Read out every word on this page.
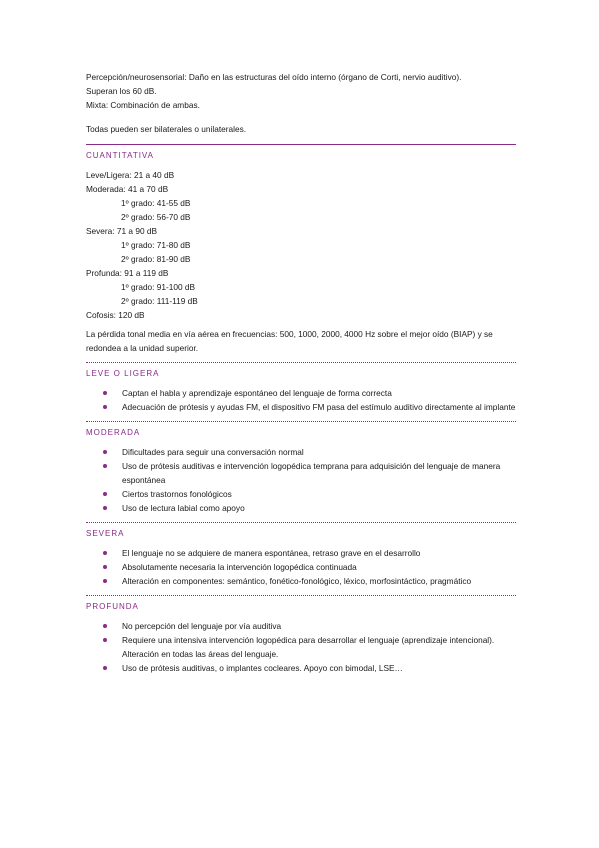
Percepción/neurosensorial: Daño en las estructuras del oído interno (órgano de Corti, nervio auditivo).

Superan los 60 dB.

Mixta: Combinación de ambas.

Todas pueden ser bilaterales o unilaterales.

CUANTITATIVA

Leve/Ligera: 21 a 40 dB

Moderada: 41 a 70 dB

1º grado: 41-55 dB

2º grado: 56-70 dB

Severa: 71 a 90 dB

1º grado: 71-80 dB

2º grado: 81-90 dB

Profunda: 91 a 119 dB

1º grado: 91-100 dB

2º grado: 111-119 dB

Cofosis: 120 dB

La pérdida tonal media en vía aérea en frecuencias: 500, 1000, 2000, 4000 Hz sobre el mejor oído (BIAP) y se redondea a la unidad superior.

LEVE O LIGERA
Captan el habla y aprendizaje espontáneo del lenguaje de forma correcta
Adecuación de prótesis y ayudas FM, el dispositivo FM pasa del estímulo auditivo directamente al implante
MODERADA
Dificultades para seguir una conversación normal
Uso de prótesis auditivas e intervención logopédica temprana para adquisición del lenguaje de manera espontánea
Ciertos trastornos fonológicos
Uso de lectura labial como apoyo
SEVERA
El lenguaje no se adquiere de manera espontánea, retraso grave en el desarrollo
Absolutamente necesaria la intervención logopédica continuada
Alteración en componentes: semántico, fonético-fonológico, léxico, morfosintáctico, pragmático
PROFUNDA
No percepción del lenguaje por vía auditiva
Requiere una intensiva intervención logopédica para desarrollar el lenguaje (aprendizaje intencional). Alteración en todas las áreas del lenguaje.
Uso de prótesis auditivas, o implantes cocleares. Apoyo con bimodal, LSE…
